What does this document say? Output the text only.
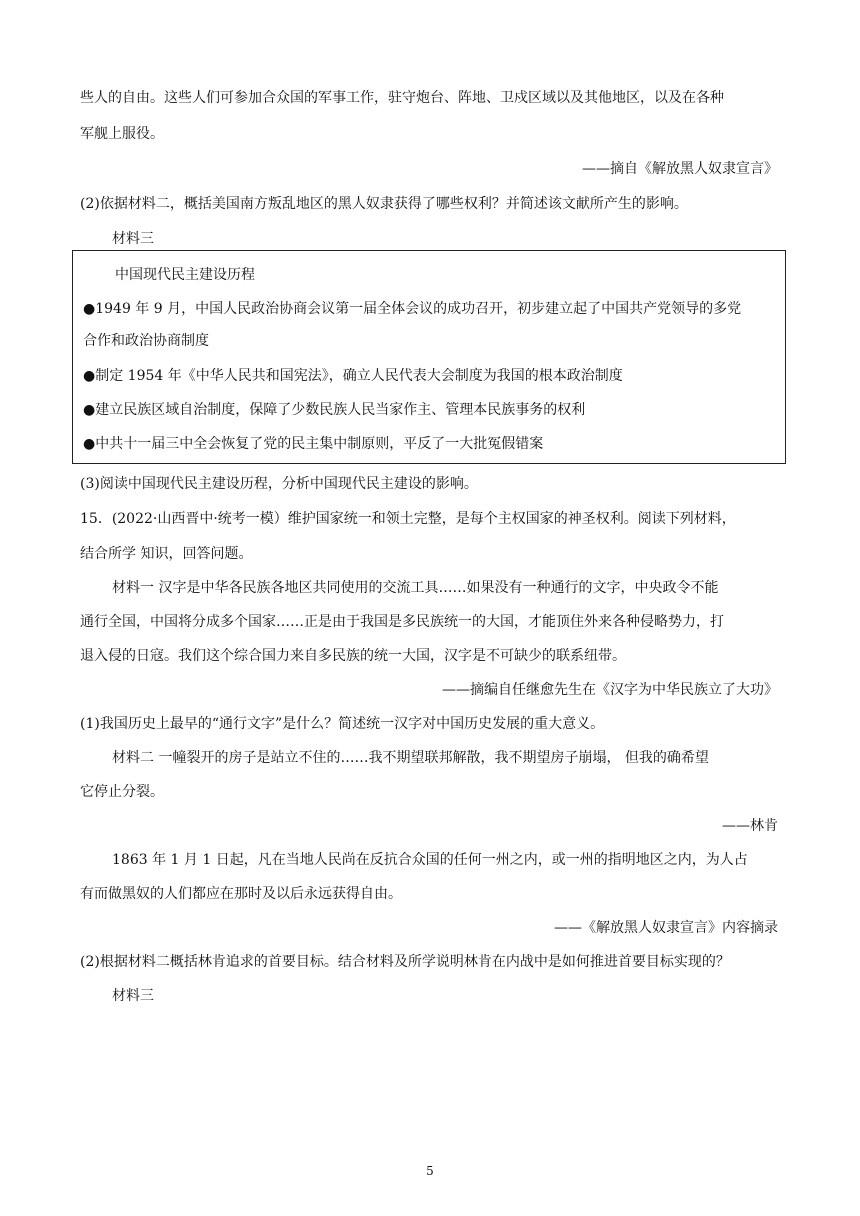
些人的自由。这些人们可参加合众国的军事工作，驻守炮台、阵地、卫戍区域以及其他地区，以及在各种
军舰上服役。
——摘自《解放黑人奴隶宣言》
(2)依据材料二，概括美国南方叛乱地区的黑人奴隶获得了哪些权利？并简述该文献所产生的影响。
材料三
中国现代民主建设历程
●1949 年 9 月，中国人民政治协商会议第一届全体会议的成功召开，初步建立起了中国共产党领导的多党
合作和政治协商制度
●制定 1954 年《中华人民共和国宪法》，确立人民代表大会制度为我国的根本政治制度
●建立民族区域自治制度，保障了少数民族人民当家作主、管理本民族事务的权利
●中共十一届三中全会恢复了党的民主集中制原则，平反了一大批冤假错案
(3)阅读中国现代民主建设历程，分析中国现代民主建设的影响。
15．(2022·山西晋中·统考一模）维护国家统一和领土完整，是每个主权国家的神圣权利。阅读下列材料，
结合所学 知识，回答问题。
材料一 汉字是中华各民族各地区共同使用的交流工具……如果没有一种通行的文字，中央政令不能
通行全国，中国将分成多个国家……正是由于我国是多民族统一的大国，才能顶住外来各种侵略势力，打
退入侵的日寇。我们这个综合国力来自多民族的统一大国，汉字是不可缺少的联系纽带。
——摘编自任继愈先生在《汉字为中华民族立了大功》
(1)我国历史上最早的“通行文字”是什么？简述统一汉字对中国历史发展的重大意义。
材料二 一幢裂开的房子是站立不住的……我不期望联邦解散，我不期望房子崩塌， 但我的确希望
它停止分裂。
——林肯
1863 年 1 月 1 日起，凡在当地人民尚在反抗合众国的任何一州之内，或一州的指明地区之内，为人占
有而做黑奴的人们都应在那时及以后永远获得自由。
——《解放黑人奴隶宣言》内容摘录
(2)根据材料二概括林肯追求的首要目标。结合材料及所学说明林肯在内战中是如何推进首要目标实现的？
材料三
5
